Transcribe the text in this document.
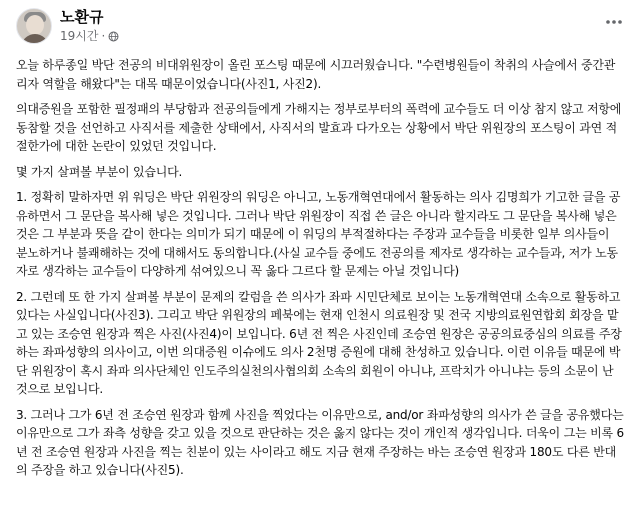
노환규
19시간 ·

오늘 하루종일 박단 전공의 비대위원장이 올린 포스팅 때문에 시끄러웠습니다. "수련병원들이 착취의 사슬에서 중간관리자 역할을 해왔다"는 대목 때문이었습니다(사진1, 사진2).

의대증원을 포함한 필정패의 부당함과 전공의들에게 가해지는 정부로부터의 폭력에 교수들도 더 이상 참지 않고 저항에 동참할 것을 선언하고 사직서를 제출한 상태에서, 사직서의 발효과 다가오는 상황에서 박단 위원장의 포스팅이 과연 적절한가에 대한 논란이 있었던 것입니다.

몇 가지 살펴볼 부분이 있습니다.

1. 정확히 말하자면 위 워딩은 박단 위원장의 워딩은 아니고, 노동개혁연대에서 활동하는 의사 김명희가 기고한 글을 공유하면서 그 문단을 복사해 넣은 것입니다. 그러나 박단 위원장이 직접 쓴 글은 아니라 할지라도 그 문단을 복사해 넣은 것은 그 부분과 뜻을 같이 한다는 의미가 되기 때문에 이 워딩의 부적절하다는 주장과 교수들을 비롯한 일부 의사들이 분노하거나 불쾌해하는 것에 대해서도 동의합니다.(사실 교수들 중에도 전공의를 제자로 생각하는 교수들과, 저가 노동자로 생각하는 교수들이 다양하게 섞여있으니 꼭 옳다 그르다 할 문제는 아닐 것입니다)

2. 그런데 또 한 가지 살펴볼 부분이 문제의 칼럼을 쓴 의사가 좌파 시민단체로 보이는 노동개혁연대 소속으로 활동하고 있다는 사실입니다(사진3). 그리고 박단 위원장의 페북에는 현재 인천시 의료원장 및 전국 지방의료원연합회 회장을 맡고 있는 조승연 원장과 찍은 사진(사진4)이 보입니다. 6년 전 찍은 사진인데 조승연 원장은 공공의료중심의 의료를 주장하는 좌파성향의 의사이고, 이번 의대증원 이슈에도 의사 2천명 증원에 대해 찬성하고 있습니다. 이런 이유들 때문에 박단 위원장이 혹시 좌파 의사단체인 인도주의실천의사협의회 소속의 회원이 아니냐, 프락치가 아니냐는 등의 소문이 난 것으로 보입니다.

3. 그러나 그가 6년 전 조승연 원장과 함께 사진을 찍었다는 이유만으로, and/or 좌파성향의 의사가 쓴 글을 공유했다는 이유만으로 그가 좌측 성향을 갖고 있을 것으로 판단하는 것은 옳지 않다는 것이 개인적 생각입니다. 더욱이 그는 비록 6년 전 조승연 원장과 사진을 찍는 친분이 있는 사이라고 해도 지금 현재 주장하는 바는 조승연 원장과 180도 다른 반대의 주장을 하고 있습니다(사진5).
